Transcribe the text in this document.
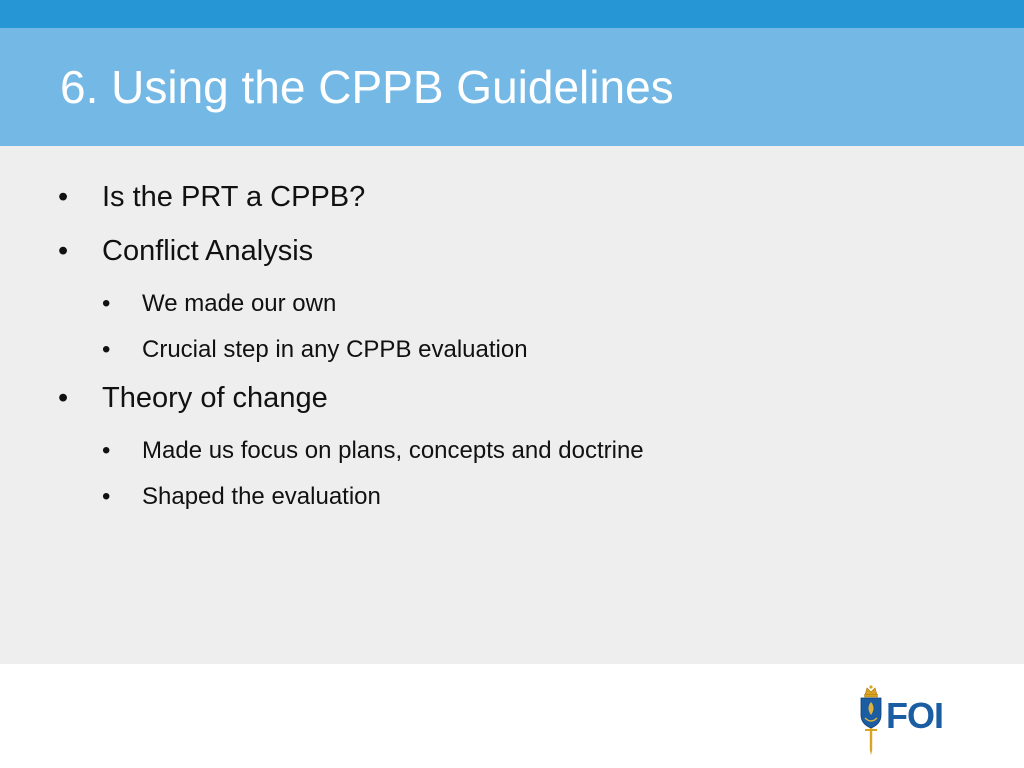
6. Using the CPPB Guidelines
• Is the PRT a CPPB?
• Conflict Analysis
• We made our own
• Crucial step in any CPPB evaluation
• Theory of change
• Made us focus on plans, concepts and doctrine
• Shaped the evaluation
FOI
